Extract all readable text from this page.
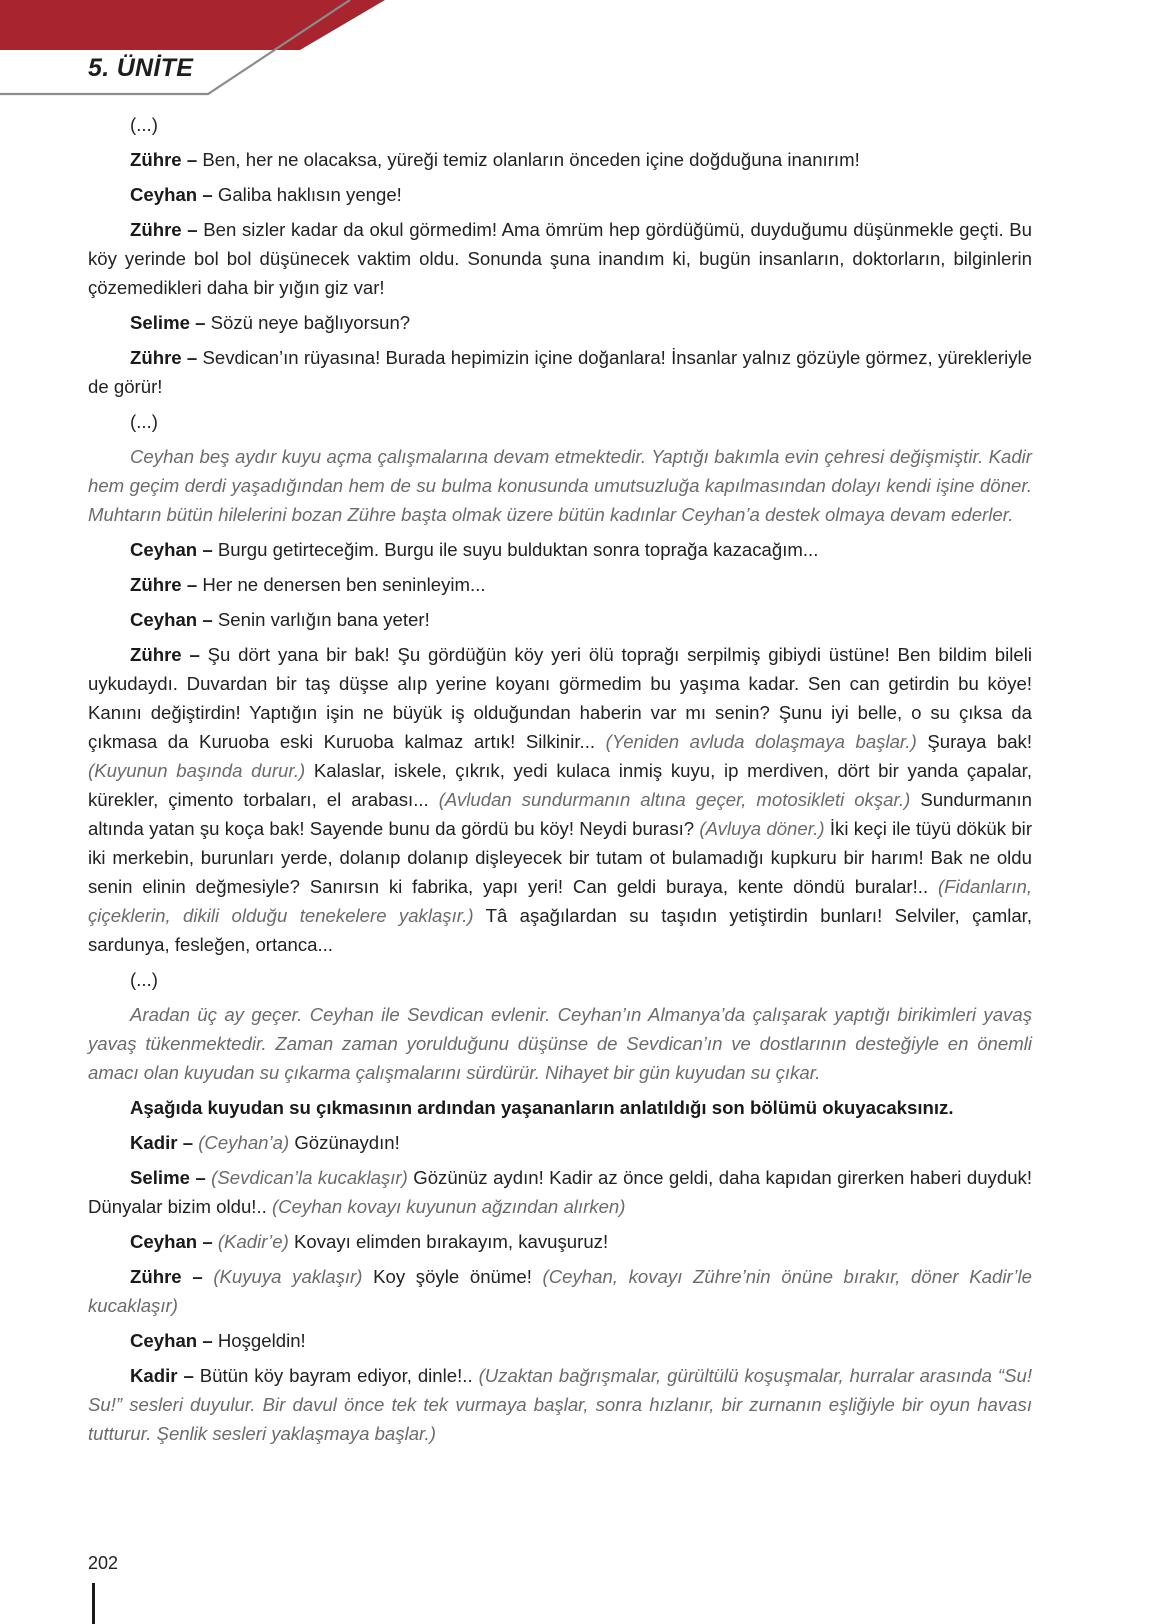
5. ÜNİTE

(...)

Zühre – Ben, her ne olacaksa, yüreği temiz olanların önceden içine doğduğuna inanırım!

Ceyhan – Galiba haklısın yenge!

Zühre – Ben sizler kadar da okul görmedim! Ama ömrüm hep gördüğümü, duyduğumu düşünmekle geçti. Bu köy yerinde bol bol düşünecek vaktim oldu. Sonunda şuna inandım ki, bugün insanların, doktorların, bilginlerin çözemedikleri daha bir yığın giz var!

Selime – Sözü neye bağlıyorsun?

Zühre – Sevdican’ın rüyasına! Burada hepimizin içine doğanlara! İnsanlar yalnız gözüyle görmez, yürekleriyle de görür!

(...)

Ceyhan beş aydır kuyu açma çalışmalarına devam etmektedir. Yaptığı bakımla evin çehresi değişmiştir. Kadir hem geçim derdi yaşadığından hem de su bulma konusunda umutsuzluğa kapılmasından dolayı kendi işine döner. Muhtarın bütün hilelerini bozan Zühre başta olmak üzere bütün kadınlar Ceyhan’a destek olmaya devam ederler.

Ceyhan – Burgu getirteceğim. Burgu ile suyu bulduktan sonra toprağa kazacağım...

Zühre – Her ne denersen ben seninleyim...

Ceyhan – Senin varlığın bana yeter!

Zühre – Şu dört yana bir bak! Şu gördüğün köy yeri ölü toprağı serpilmiş gibiydi üstüne! Ben bildim bileli uykudaydı. Duvardan bir taş düşse alıp yerine koyanı görmedim bu yaşıma kadar. Sen can getirdin bu köye! Kanını değiştirdin! Yaptığın işin ne büyük iş olduğundan haberin var mı senin? Şunu iyi belle, o su çıksa da çıkmasa da Kuruoba eski Kuruoba kalmaz artık! Silkinir... (Yeniden avluda dolaşmaya başlar.) Şuraya bak! (Kuyunun başında durur.) Kalaslar, iskele, çıkrık, yedi kulaca inmiş kuyu, ip merdiven, dört bir yanda çapalar, kürekler, çimento torbaları, el arabası... (Avludan sundurmanın altına geçer, motosikleti okşar.) Sundurmanın altında yatan şu koça bak! Sayende bunu da gördü bu köy! Neydi burası? (Avluya döner.) İki keçi ile tüyü dökük bir iki merkebin, burunları yerde, dolanıp dolanıp dişleyecek bir tutam ot bulamadığı kupkuru bir harım! Bak ne oldu senin elinin değmesiyle? Sanırsın ki fabrika, yapı yeri! Can geldi buraya, kente döndü buralar!.. (Fidanların, çiçeklerin, dikili olduğu tenekelere yaklaşır.) Tâ aşağılardan su taşıdın yetiştirdin bunları! Selviler, çamlar, sardunya, fesleğen, ortanca...

(...)

Aradan üç ay geçer. Ceyhan ile Sevdican evlenir. Ceyhan’ın Almanya’da çalışarak yaptığı birikimleri yavaş yavaş tükenmektedir. Zaman zaman yorulduğunu düşünse de Sevdican’ın ve dostlarının desteğiyle en önemli amacı olan kuyudan su çıkarma çalışmalarını sürdürür. Nihayet bir gün kuyudan su çıkar.

Aşağıda kuyudan su çıkmasının ardından yaşananların anlatıldığı son bölümü okuyacaksınız.

Kadir – (Ceyhan’a) Gözünaydın!

Selime – (Sevdican’la kucaklaşır) Gözünüz aydın! Kadir az önce geldi, daha kapıdan girerken haberi duyduk! Dünyalar bizim oldu!.. (Ceyhan kovayı kuyunun ağzından alırken)

Ceyhan – (Kadir’e) Kovayı elimden bırakayım, kavuşuruz!

Zühre – (Kuyuya yaklaşır) Koy şöyle önüme! (Ceyhan, kovayı Zühre’nin önüne bırakır, döner Kadir’le kucaklaşır)

Ceyhan – Hoşgeldin!

Kadir – Bütün köy bayram ediyor, dinle!.. (Uzaktan bağrışmalar, gürültülü koşuşmalar, hurralar arasında “Su! Su!” sesleri duyulur. Bir davul önce tek tek vurmaya başlar, sonra hızlanır, bir zurnanın eşliğiyle bir oyun havası tutturur. Şenlik sesleri yaklaşmaya başlar.)

202
